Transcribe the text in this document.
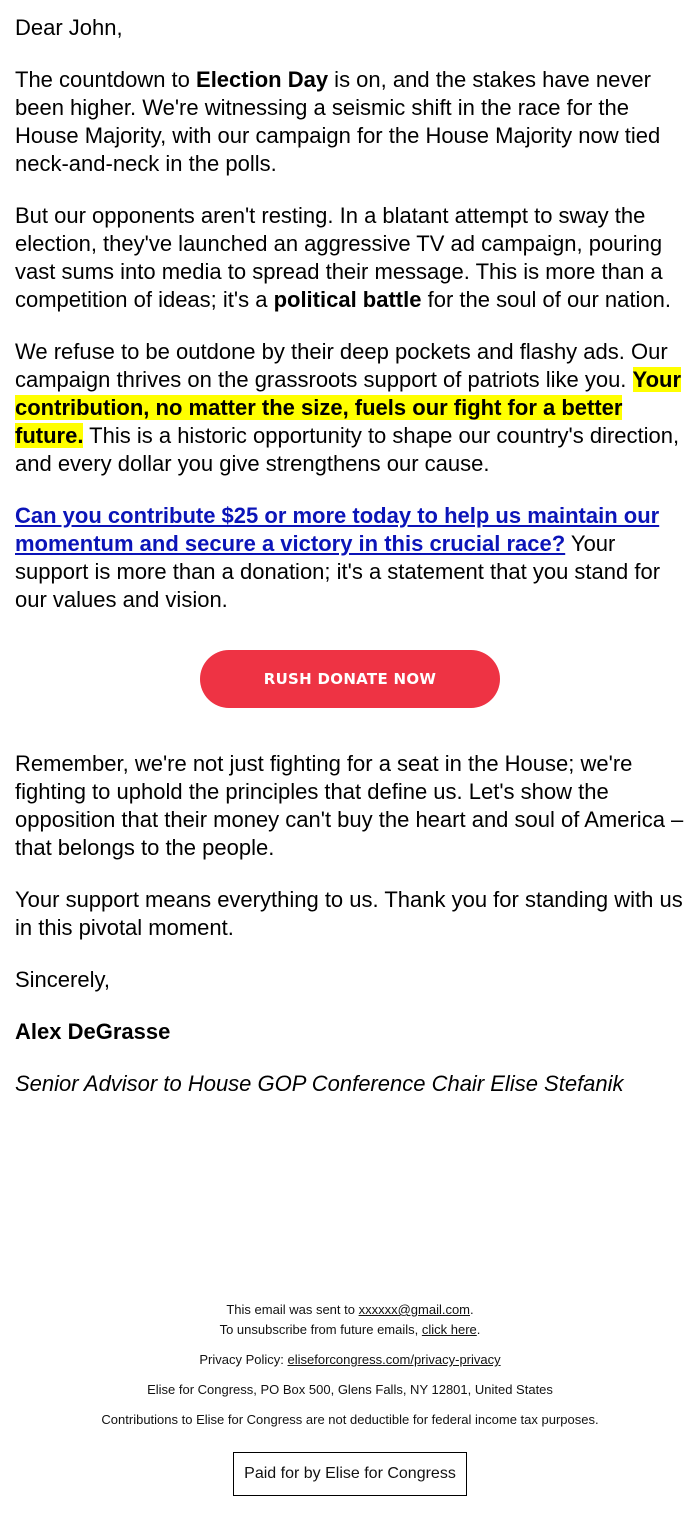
Dear John,

The countdown to Election Day is on, and the stakes have never been higher. We're witnessing a seismic shift in the race for the House Majority, with our campaign for the House Majority now tied neck-and-neck in the polls.

But our opponents aren't resting. In a blatant attempt to sway the election, they've launched an aggressive TV ad campaign, pouring vast sums into media to spread their message. This is more than a competition of ideas; it's a political battle for the soul of our nation.

We refuse to be outdone by their deep pockets and flashy ads. Our campaign thrives on the grassroots support of patriots like you. Your contribution, no matter the size, fuels our fight for a better future. This is a historic opportunity to shape our country's direction, and every dollar you give strengthens our cause.

Can you contribute $25 or more today to help us maintain our momentum and secure a victory in this crucial race? Your support is more than a donation; it's a statement that you stand for our values and vision.

RUSH DONATE NOW

Remember, we're not just fighting for a seat in the House; we're fighting to uphold the principles that define us. Let's show the opposition that their money can't buy the heart and soul of America – that belongs to the people.

Your support means everything to us. Thank you for standing with us in this pivotal moment.

Sincerely,

Alex DeGrasse

Senior Advisor to House GOP Conference Chair Elise Stefanik

This email was sent to xxxxxx@gmail.com.
To unsubscribe from future emails, click here.

Privacy Policy: eliseforcongress.com/privacy-privacy

Elise for Congress, PO Box 500, Glens Falls, NY 12801, United States

Contributions to Elise for Congress are not deductible for federal income tax purposes.

Paid for by Elise for Congress
